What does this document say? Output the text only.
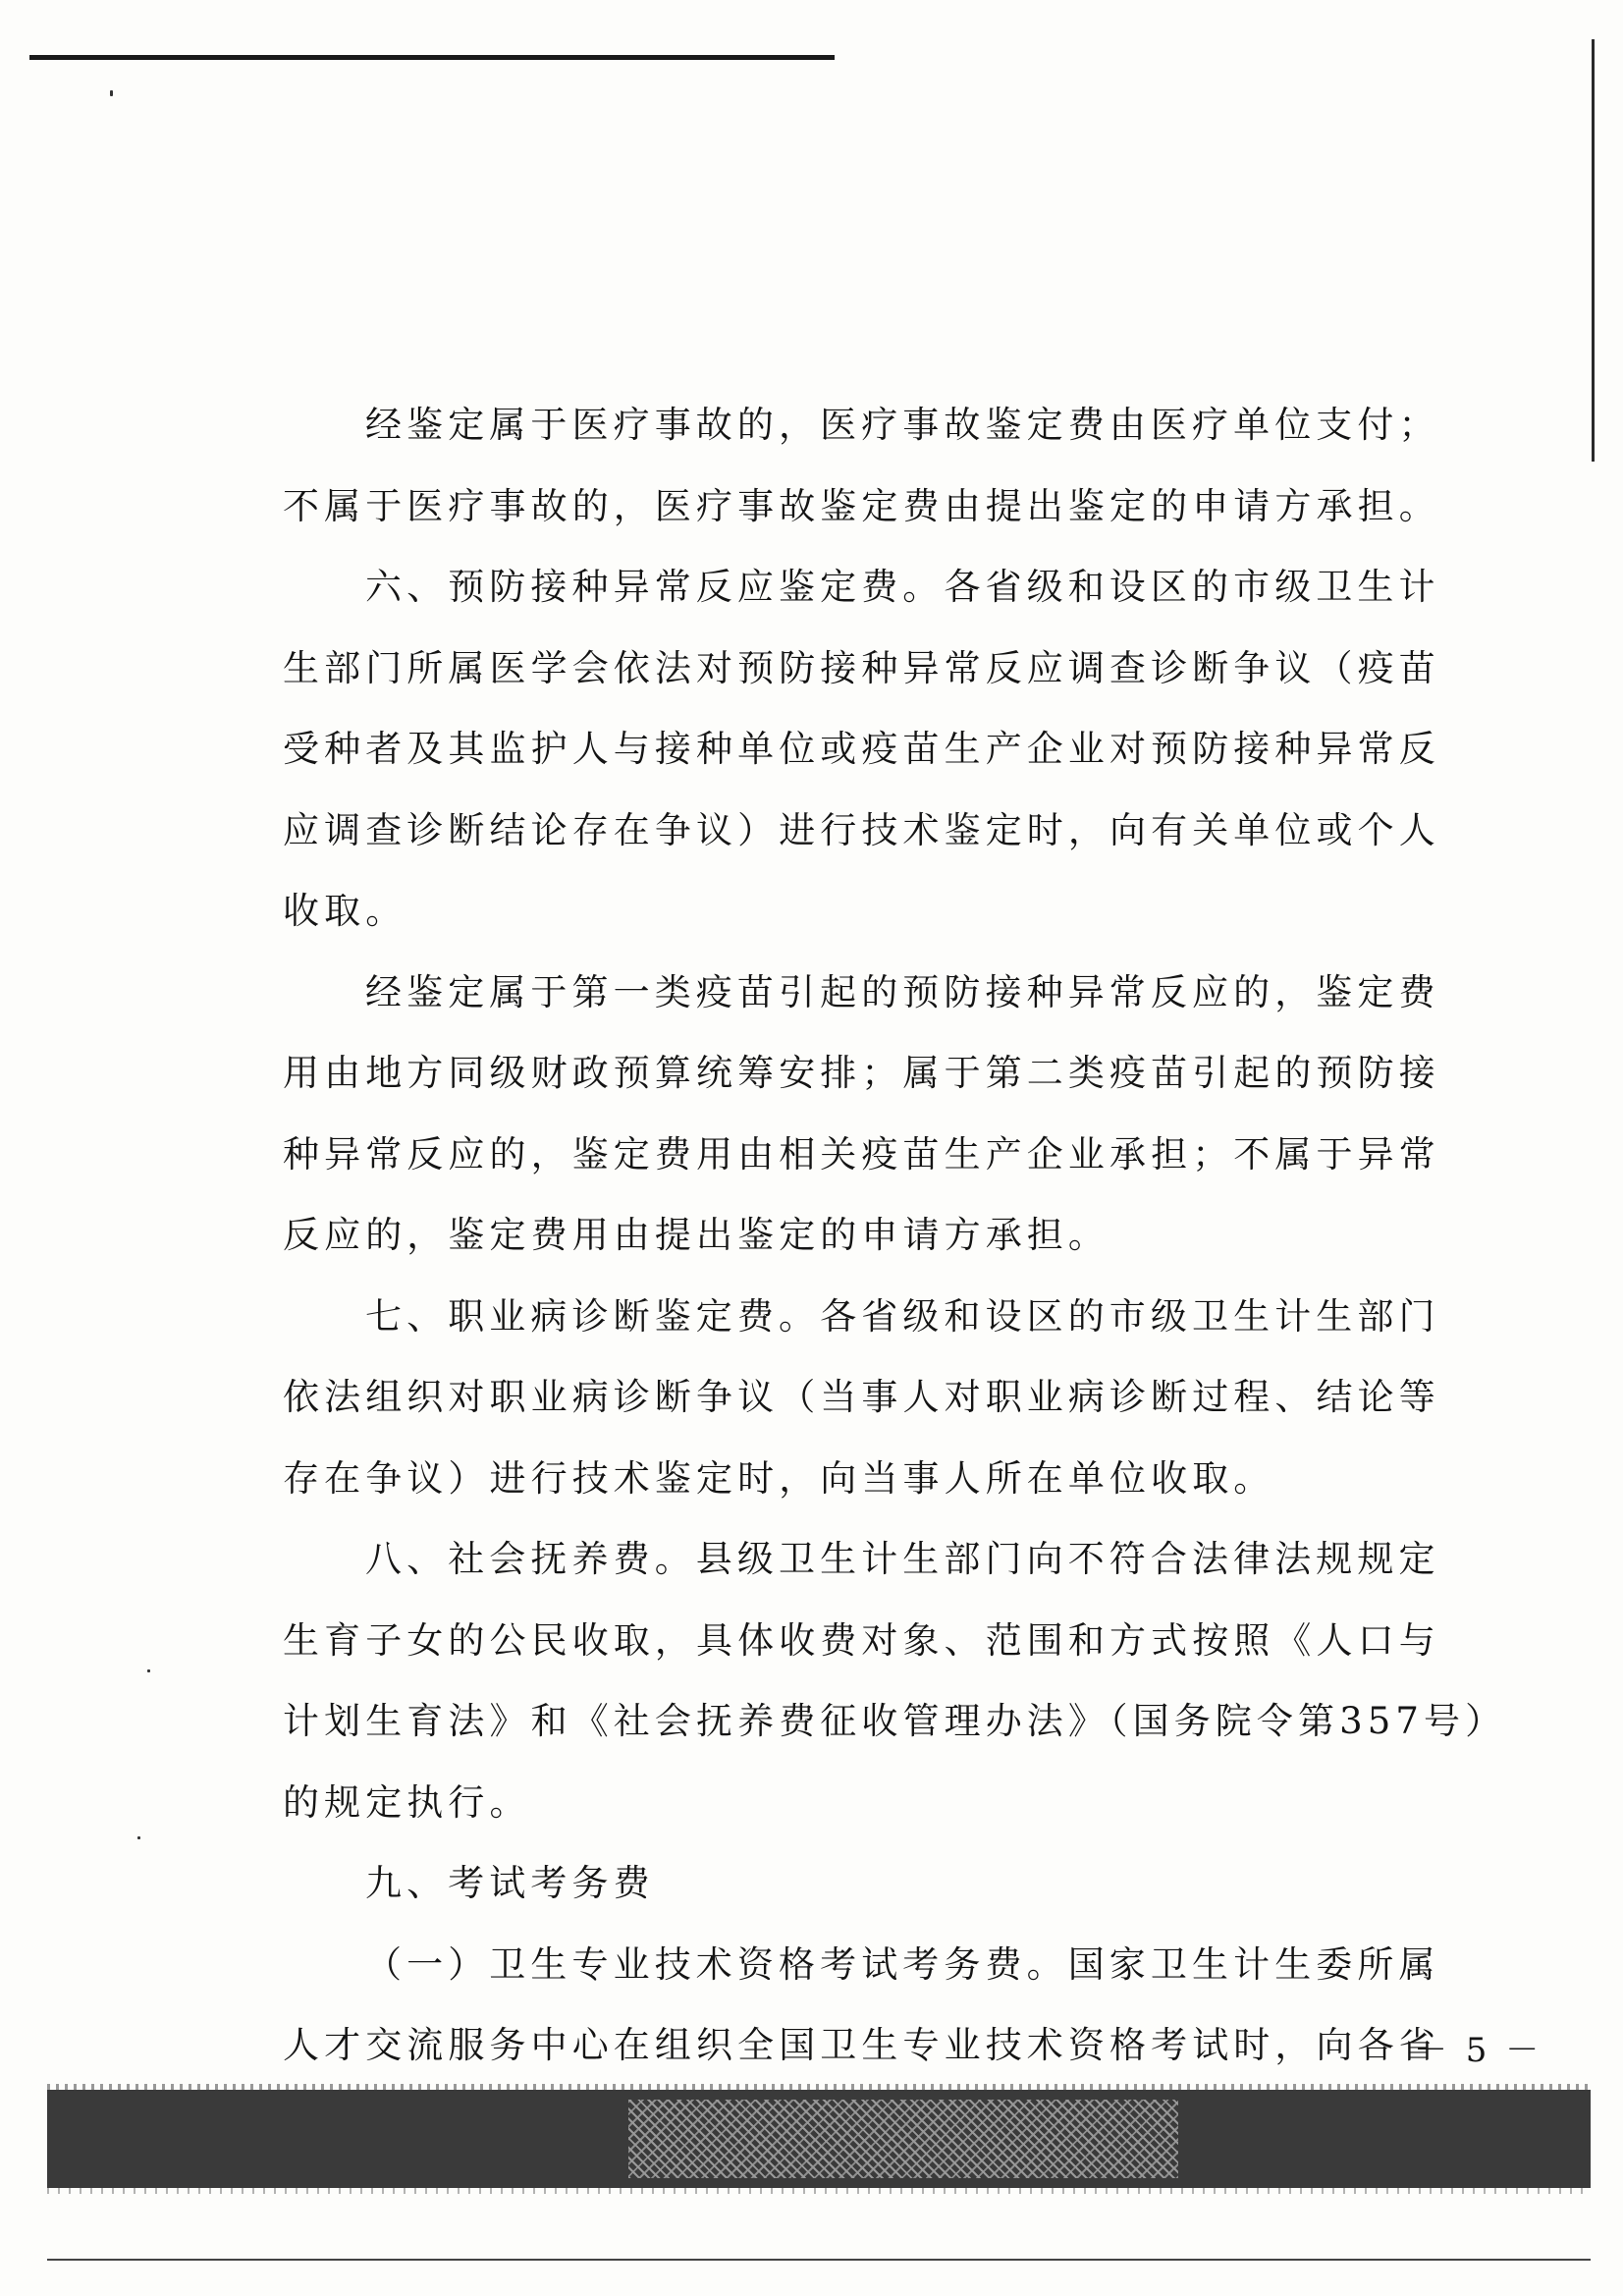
经鉴定属于医疗事故的，医疗事故鉴定费由医疗单位支付；
不属于医疗事故的，医疗事故鉴定费由提出鉴定的申请方承担。
六、预防接种异常反应鉴定费。各省级和设区的市级卫生计
生部门所属医学会依法对预防接种异常反应调查诊断争议（疫苗
受种者及其监护人与接种单位或疫苗生产企业对预防接种异常反
应调查诊断结论存在争议）进行技术鉴定时，向有关单位或个人
收取。
经鉴定属于第一类疫苗引起的预防接种异常反应的，鉴定费
用由地方同级财政预算统筹安排；属于第二类疫苗引起的预防接
种异常反应的，鉴定费用由相关疫苗生产企业承担；不属于异常
反应的，鉴定费用由提出鉴定的申请方承担。
七、职业病诊断鉴定费。各省级和设区的市级卫生计生部门
依法组织对职业病诊断争议（当事人对职业病诊断过程、结论等
存在争议）进行技术鉴定时，向当事人所在单位收取。
八、社会抚养费。县级卫生计生部门向不符合法律法规规定
生育子女的公民收取，具体收费对象、范围和方式按照《人口与
计划生育法》和《社会抚养费征收管理办法》（国务院令第357号）
的规定执行。
九、考试考务费
（一）卫生专业技术资格考试考务费。国家卫生计生委所属
人才交流服务中心在组织全国卫生专业技术资格考试时，向各省
－ 5 －
